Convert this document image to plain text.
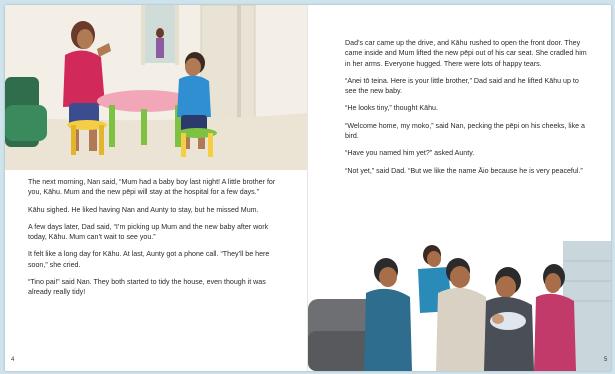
The next morning, Nan said, “Mum had a baby boy last night! A little brother for you, Kāhu. Mum and the new pēpi will stay at the hospital for a few days.”

Kāhu sighed. He liked having Nan and Aunty to stay, but he missed Mum.

A few days later, Dad said, “I’m picking up Mum and the new baby after work today, Kāhu. Mum can’t wait to see you.”

It felt like a long day for Kāhu. At last, Aunty got a phone call. “They’ll be here soon,” she cried.

“Tino pai!” said Nan. They both started to tidy the house, even though it was already really tidy!

4

Dad’s car came up the drive, and Kāhu rushed to open the front door. They came inside and Mum lifted the new pēpi out of his car seat. She cradled him in her arms. Everyone hugged. There were lots of happy tears.

“Anei tō teina. Here is your little brother,” Dad said and he lifted Kāhu up to see the new baby.

“He looks tiny,” thought Kāhu.

“Welcome home, my moko,” said Nan, pecking the pēpi on his cheeks, like a bird.

“Have you named him yet?” asked Aunty.

“Not yet,” said Dad. “But we like the name Āio because he is very peaceful.”

5
